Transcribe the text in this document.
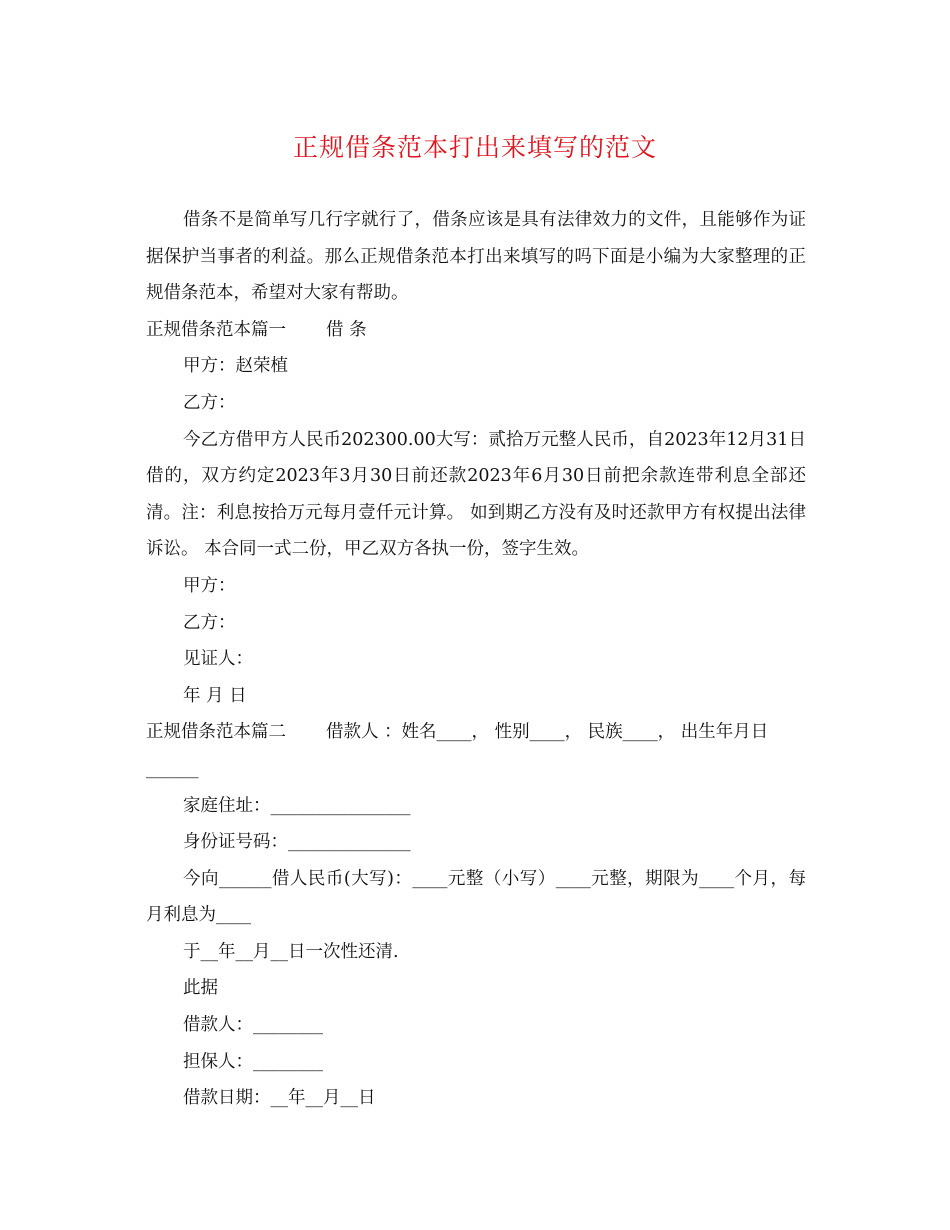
正规借条范本打出来填写的范文

借条不是简单写几行字就行了，借条应该是具有法律效力的文件，且能够作为证据保护当事者的利益。那么正规借条范本打出来填写的吗下面是小编为大家整理的正规借条范本，希望对大家有帮助。

正规借条范本篇一 借 条

甲方：赵荣植

乙方：

今乙方借甲方人民币202300.00大写：贰拾万元整人民币，自2023年12月31日借的，双方约定2023年3月30日前还款2023年6月30日前把余款连带利息全部还清。注：利息按拾万元每月壹仟元计算。 如到期乙方没有及时还款甲方有权提出法律诉讼。 本合同一式二份，甲乙双方各执一份，签字生效。

甲方：

乙方：

见证人：

年 月 日

正规借条范本篇二 借款人 ：姓名____， 性别____， 民族____， 出生年月日______

家庭住址：________________

身份证号码：______________

今向______借人民币(大写)：____元整（小写）____元整，期限为____个月，每月利息为____

于__年__月__日一次性还清.

此据

借款人：________

担保人：________

借款日期：__年__月__日
